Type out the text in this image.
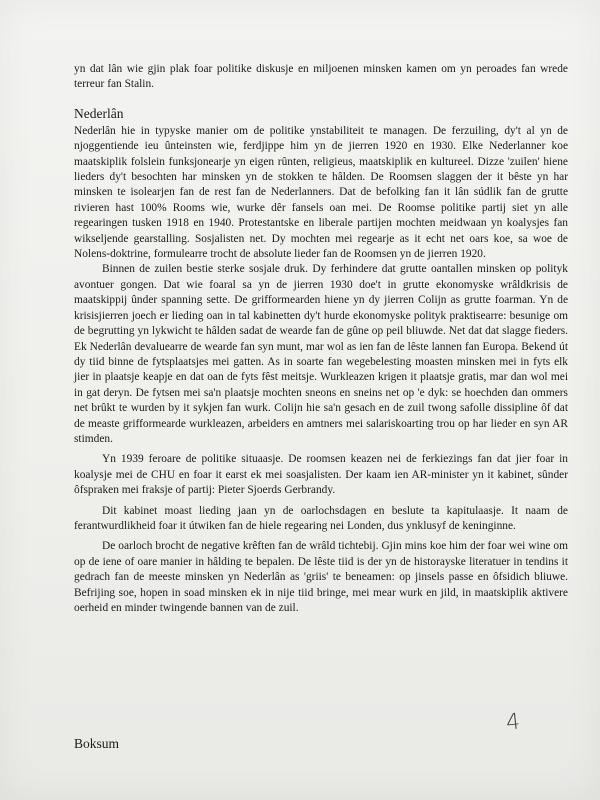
yn dat lân wie gjin plak foar politike diskusje en miljoenen minsken kamen om yn peroades fan wrede terreur fan Stalin.

Nederlân

Nederlân hie in typyske manier om de politike ynstabiliteit te managen. De ferzuiling, dy't al yn de njoggentiende ieu ûnteinsten wie, ferdjippe him yn de jierren 1920 en 1930. Elke Nederlanner koe maatskiplik folslein funksjonearje yn eigen rûnten, religieus, maatskiplik en kultureel. Dizze 'zuilen' hiene lieders dy't besochten har minsken yn de stokken te hâlden. De Roomsen slaggen der it bêste yn har minsken te isolearjen fan de rest fan de Nederlanners. Dat de befolking fan it lân súdlik fan de grutte rivieren hast 100% Rooms wie, wurke dêr fansels oan mei. De Roomse politike partij siet yn alle regearingen tusken 1918 en 1940. Protestantske en liberale partijen mochten meidwaan yn koalysjes fan wikseljende gearstalling. Sosjalisten net. Dy mochten mei regearje as it echt net oars koe, sa woe de Nolens-doktrine, formulearre trocht de absolute lieder fan de Roomsen yn de jierren 1920.

Binnen de zuilen bestie sterke sosjale druk. Dy ferhindere dat grutte oantallen minsken op polityk avontuer gongen. Dat wie foaral sa yn de jierren 1930 doe't in grutte ekonomyske wrâldkrisis de maatskippij ûnder spanning sette. De grifformearden hiene yn dy jierren Colijn as grutte foarman. Yn de krisisjierren joech er lieding oan in tal kabinetten dy't hurde ekonomyske polityk praktisearre: besunige om de begrutting yn lykwicht te hâlden sadat de wearde fan de gûne op peil bliuwde. Net dat dat slagge fieders. Ek Nederlân devaluearre de wearde fan syn munt, mar wol as ien fan de lêste lannen fan Europa. Bekend út dy tiid binne de fytsplaatsjes mei gatten. As in soarte fan wegebelesting moasten minsken mei in fyts elk jier in plaatsje keapje en dat oan de fyts fêst meitsje. Wurkleazen krigen it plaatsje gratis, mar dan wol mei in gat deryn. De fytsen mei sa'n plaatsje mochten sneons en sneins net op 'e dyk: se hoechden dan ommers net brûkt te wurden by it sykjen fan wurk. Colijn hie sa'n gesach en de zuil twong safolle dissipline ôf dat de measte grifformearde wurkleazen, arbeiders en amtners mei salariskoarting trou op har lieder en syn AR stimden.

Yn 1939 feroare de politike situaasje. De roomsen keazen nei de ferkiezings fan dat jier foar in koalysje mei de CHU en foar it earst ek mei soasjalisten. Der kaam ien AR-minister yn it kabinet, sûnder ôfspraken mei fraksje of partij: Pieter Sjoerds Gerbrandy.

Dit kabinet moast lieding jaan yn de oarlochsdagen en beslute ta kapitulaasje. It naam de ferantwurdlikheid foar it útwiken fan de hiele regearing nei Londen, dus ynklusyf de keninginne.

De oarloch brocht de negative krêften fan de wrâld tichtebij. Gjin mins koe him der foar wei wine om op de iene of oare manier in hâlding te bepalen. De lêste tiid is der yn de historayske literatuer in tendins it gedrach fan de meeste minsken yn Nederlân as 'griis' te beneamen: op jinsels passe en ôfsidich bliuwe. Befrijing soe, hopen in soad minsken ek in nije tiid bringe, mei mear wurk en jild, in maatskiplik aktivere oerheid en minder twingende bannen van de zuil.

4
Boksum
